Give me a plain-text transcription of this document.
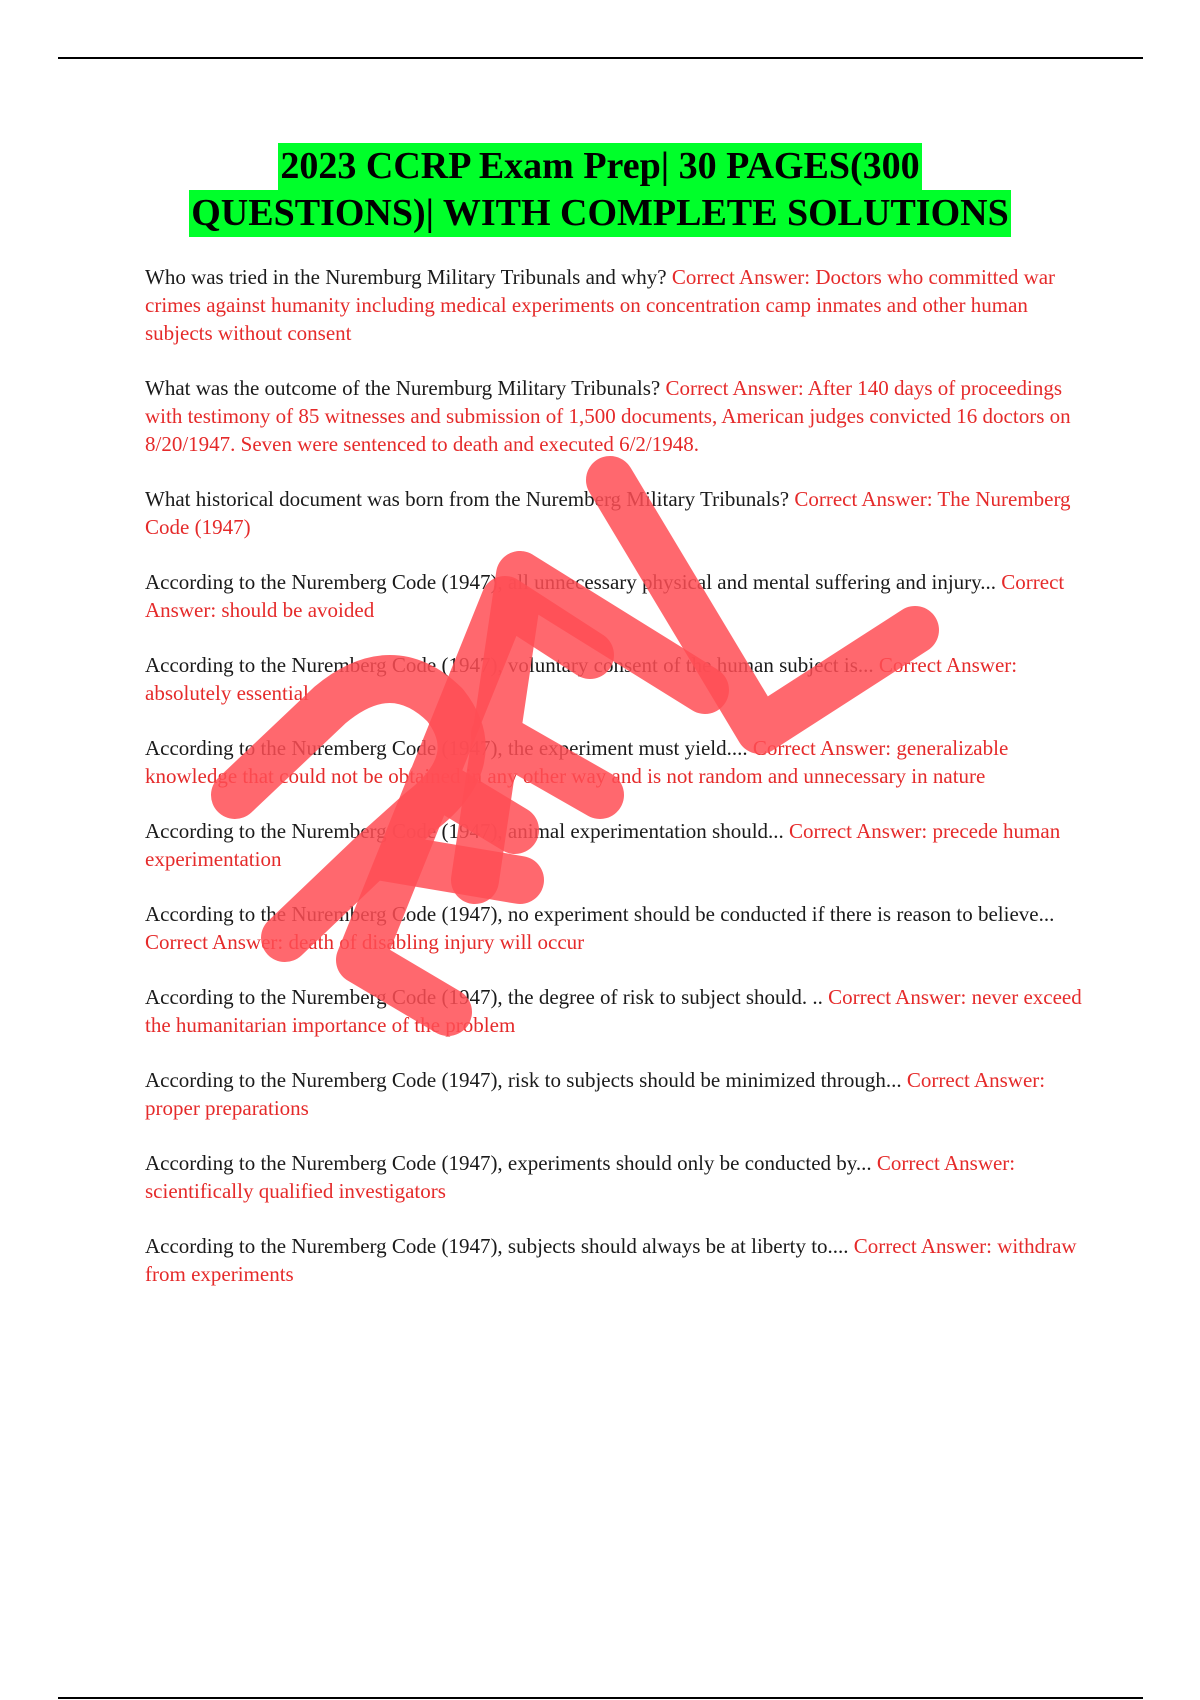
2023 CCRP Exam Prep| 30 PAGES(300
QUESTIONS)| WITH COMPLETE SOLUTIONS

Who was tried in the Nuremburg Military Tribunals and why? Correct Answer: Doctors who committed war crimes against humanity including medical experiments on concentration camp inmates and other human subjects without consent

What was the outcome of the Nuremburg Military Tribunals? Correct Answer: After 140 days of proceedings with testimony of 85 witnesses and submission of 1,500 documents, American judges convicted 16 doctors on 8/20/1947. Seven were sentenced to death and executed 6/2/1948.

What historical document was born from the Nuremberg Military Tribunals? Correct Answer: The Nuremberg Code (1947)

According to the Nuremberg Code (1947), all unnecessary physical and mental suffering and injury... Correct Answer: should be avoided

According to the Nuremberg Code (1947), voluntary consent of the human subject is... Correct Answer: absolutely essential

According to the Nuremberg Code (1947), the experiment must yield.... Correct Answer: generalizable knowledge that could not be obtained in any other way and is not random and unnecessary in nature

According to the Nuremberg Code (1947), animal experimentation should... Correct Answer: precede human experimentation

According to the Nuremberg Code (1947), no experiment should be conducted if there is reason to believe... Correct Answer: death of disabling injury will occur

According to the Nuremberg Code (1947), the degree of risk to subject should. .. Correct Answer: never exceed the humanitarian importance of the problem

According to the Nuremberg Code (1947), risk to subjects should be minimized through... Correct Answer: proper preparations

According to the Nuremberg Code (1947), experiments should only be conducted by... Correct Answer: scientifically qualified investigators

According to the Nuremberg Code (1947), subjects should always be at liberty to.... Correct Answer: withdraw from experiments
